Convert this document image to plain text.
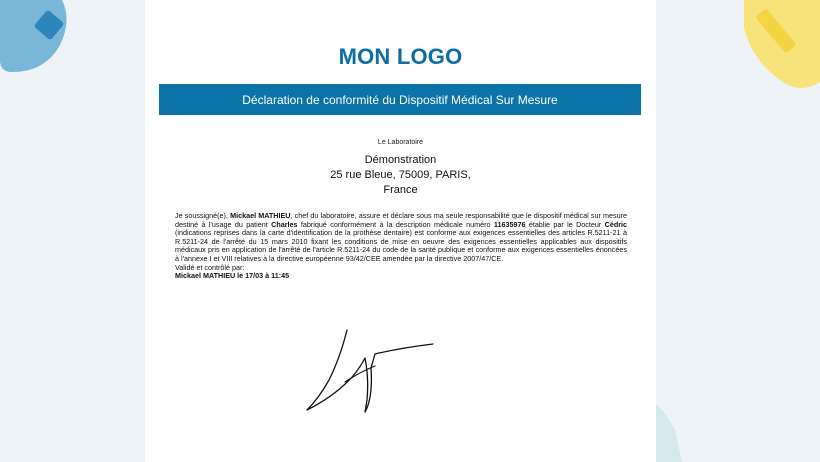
MON LOGO
Déclaration de conformité du Dispositif Médical Sur Mesure
Le Laboratoire
Démonstration
25 rue Bleue, 75009, PARIS,
France

Je soussigné(e), Mickael MATHIEU, chef du laboratoire, assure et déclare sous ma seule responsabilité que le dispositif médical sur mesure destiné à l'usage du patient Charles fabriqué conformément à la description médicale numéro 11635976 établie par le Docteur Cédric (indications reprises dans la carte d'identification de la prothèse dentaire) est conforme aux exigences essentielles des articles R.5211-21 à R.5211-24 de l'arrêté du 15 mars 2010 fixant les conditions de mise en oeuvre des exigences essentielles applicables aux dispositifs médicaux pris en application de l'arrêté de l'article R.5211-24 du code de la santé publique et conforme aux exigences essentielles énoncées à l'annexe I et VIII relatives à la directive européenne 93/42/CEE amendée par la directive 2007/47/CE.

Validé et contrôlé par:

Mickael MATHIEU le 17/03 à 11:45
